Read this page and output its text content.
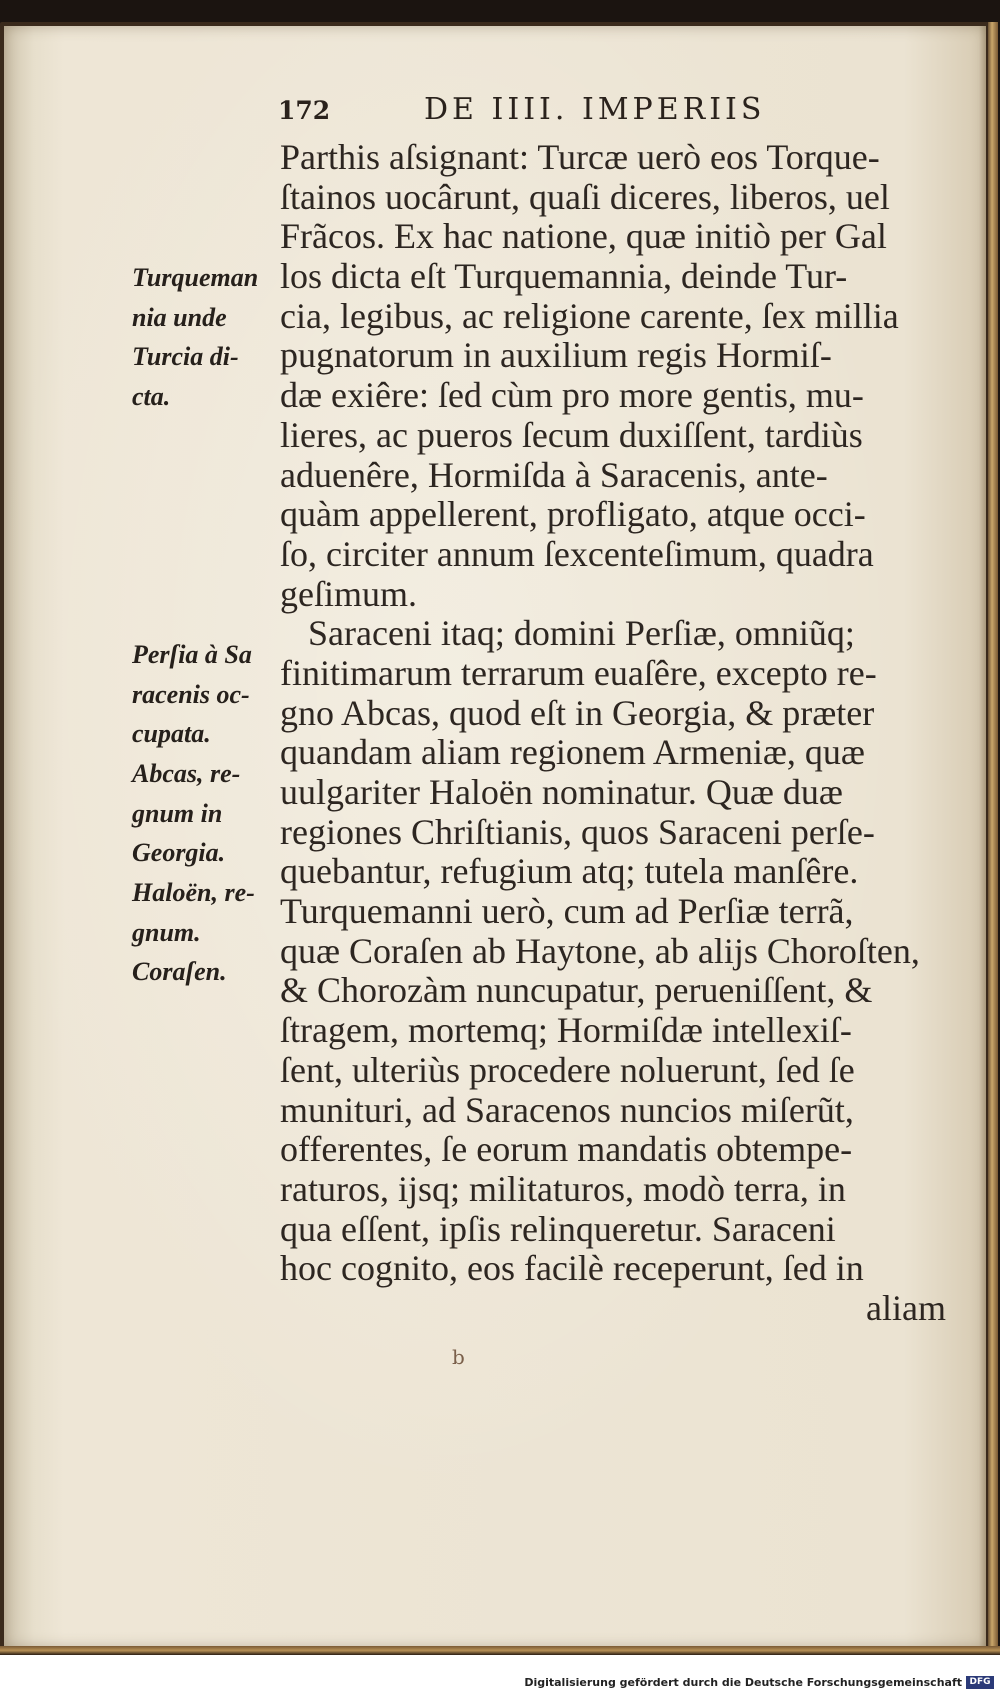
172	DE IIII. IMPERIIS
Parthis aſsignant: Turcæ uerò eos Torque-
ſtainos uocârunt, quaſi diceres, liberos, uel
Frãcos. Ex hac natione, quæ initiò per Gal
los dicta eſt Turquemannia, deinde Tur-
cia, legibus, ac religione carente, ſex millia
pugnatorum in auxilium regis Hormiſ-
dæ exiêre: ſed cùm pro more gentis, mu-
lieres, ac pueros ſecum duxiſſent, tardiùs
aduenêre, Hormiſda à Saracenis, ante-
quàm appellerent, profligato, atque occi-
ſo, circiter annum ſexcenteſimum, quadra
geſimum.
Saraceni itaq; domini Perſiæ, omniũq;
finitimarum terrarum euaſêre, excepto re-
gno Abcas, quod eſt in Georgia, & præter
quandam aliam regionem Armeniæ, quæ
uulgariter Haloën nominatur. Quæ duæ
regiones Chriſtianis, quos Saraceni perſe-
quebantur, refugium atq; tutela manſêre.
Turquemanni uerò, cum ad Perſiæ terrã,
quæ Coraſen ab Haytone, ab alijs Choroſten,
& Chorozàm nuncupatur, perueniſſent, &
ſtragem, mortemq; Hormiſdæ intellexiſ-
ſent, ulteriùs procedere noluerunt, ſed ſe
munituri, ad Saracenos nuncios miſerũt,
offerentes, ſe eorum mandatis obtempe-
raturos, ijsq; militaturos, modò terra, in
qua eſſent, ipſis relinqueretur. Saraceni
hoc cognito, eos facilè receperunt, ſed in
aliam
Turqueman
nia unde
Turcia di-
cta.
Perſia à Sa
racenis oc-
cupata.
Abcas, re-
gnum in
Georgia.
Haloën, re-
gnum.
Coraſen.
b
Digitalisierung gefördert durch die Deutsche Forschungsgemeinschaft DFG
